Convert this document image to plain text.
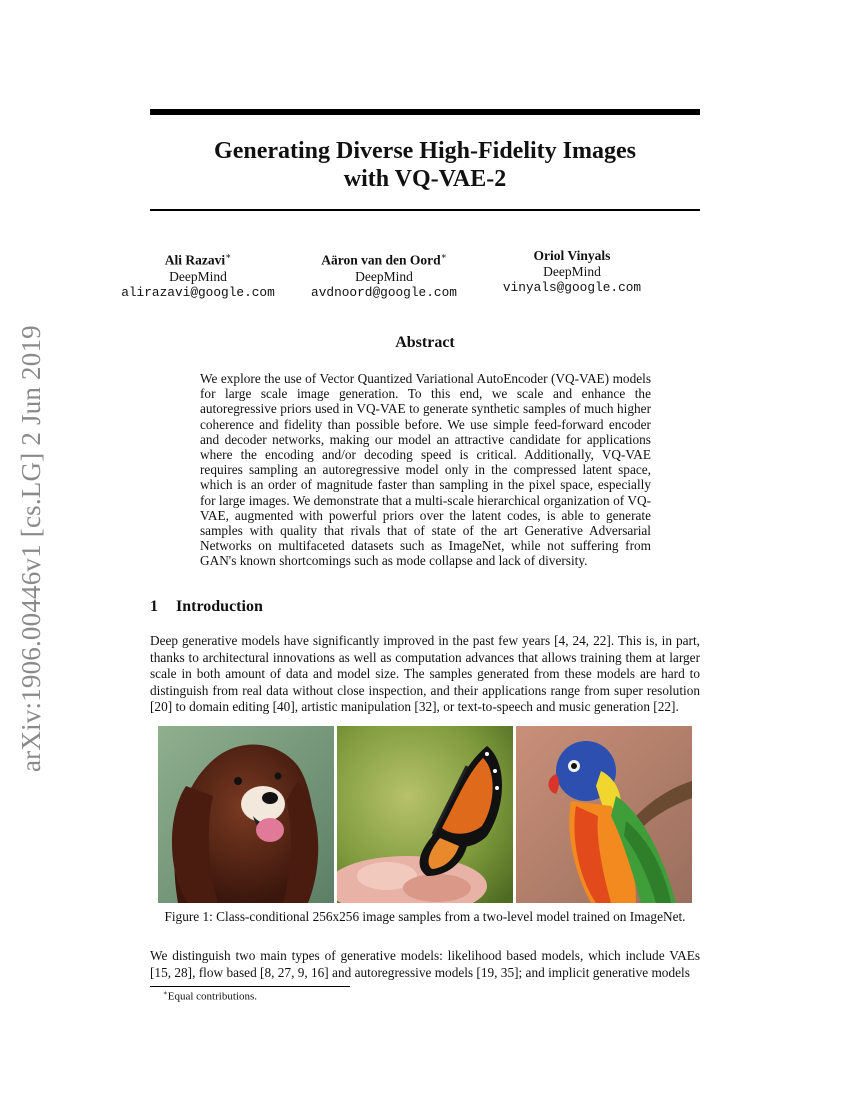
Generating Diverse High-Fidelity Images
with VQ-VAE-2
Ali Razavi∗
DeepMind
alirazavi@google.com
Aäron van den Oord∗
DeepMind
avdnoord@google.com
Oriol Vinyals
DeepMind
vinyals@google.com
arXiv:1906.00446v1 [cs.LG] 2 Jun 2019	Abstract
We explore the use of Vector Quantized Variational AutoEncoder (VQ-VAE) models for large scale image generation. To this end, we scale and enhance the autoregressive priors used in VQ-VAE to generate synthetic samples of much higher coherence and fidelity than possible before. We use simple feed-forward encoder and decoder networks, making our model an attractive candidate for applications where the encoding and/or decoding speed is critical. Additionally, VQ-VAE requires sampling an autoregressive model only in the compressed latent space, which is an order of magnitude faster than sampling in the pixel space, especially for large images. We demonstrate that a multi-scale hierarchical organization of VQ-VAE, augmented with powerful priors over the latent codes, is able to generate samples with quality that rivals that of state of the art Generative Adversarial Networks on multifaceted datasets such as ImageNet, while not suffering from GAN's known shortcomings such as mode collapse and lack of diversity.
1 Introduction
Deep generative models have significantly improved in the past few years [4, 24, 22]. This is, in part, thanks to architectural innovations as well as computation advances that allows training them at larger scale in both amount of data and model size. The samples generated from these models are hard to distinguish from real data without close inspection, and their applications range from super resolution [20] to domain editing [40], artistic manipulation [32], or text-to-speech and music generation [22].
Figure 1: Class-conditional 256x256 image samples from a two-level model trained on ImageNet.
We distinguish two main types of generative models: likelihood based models, which include VAEs [15, 28], flow based [8, 27, 9, 16] and autoregressive models [19, 35]; and implicit generative models
∗Equal contributions.
